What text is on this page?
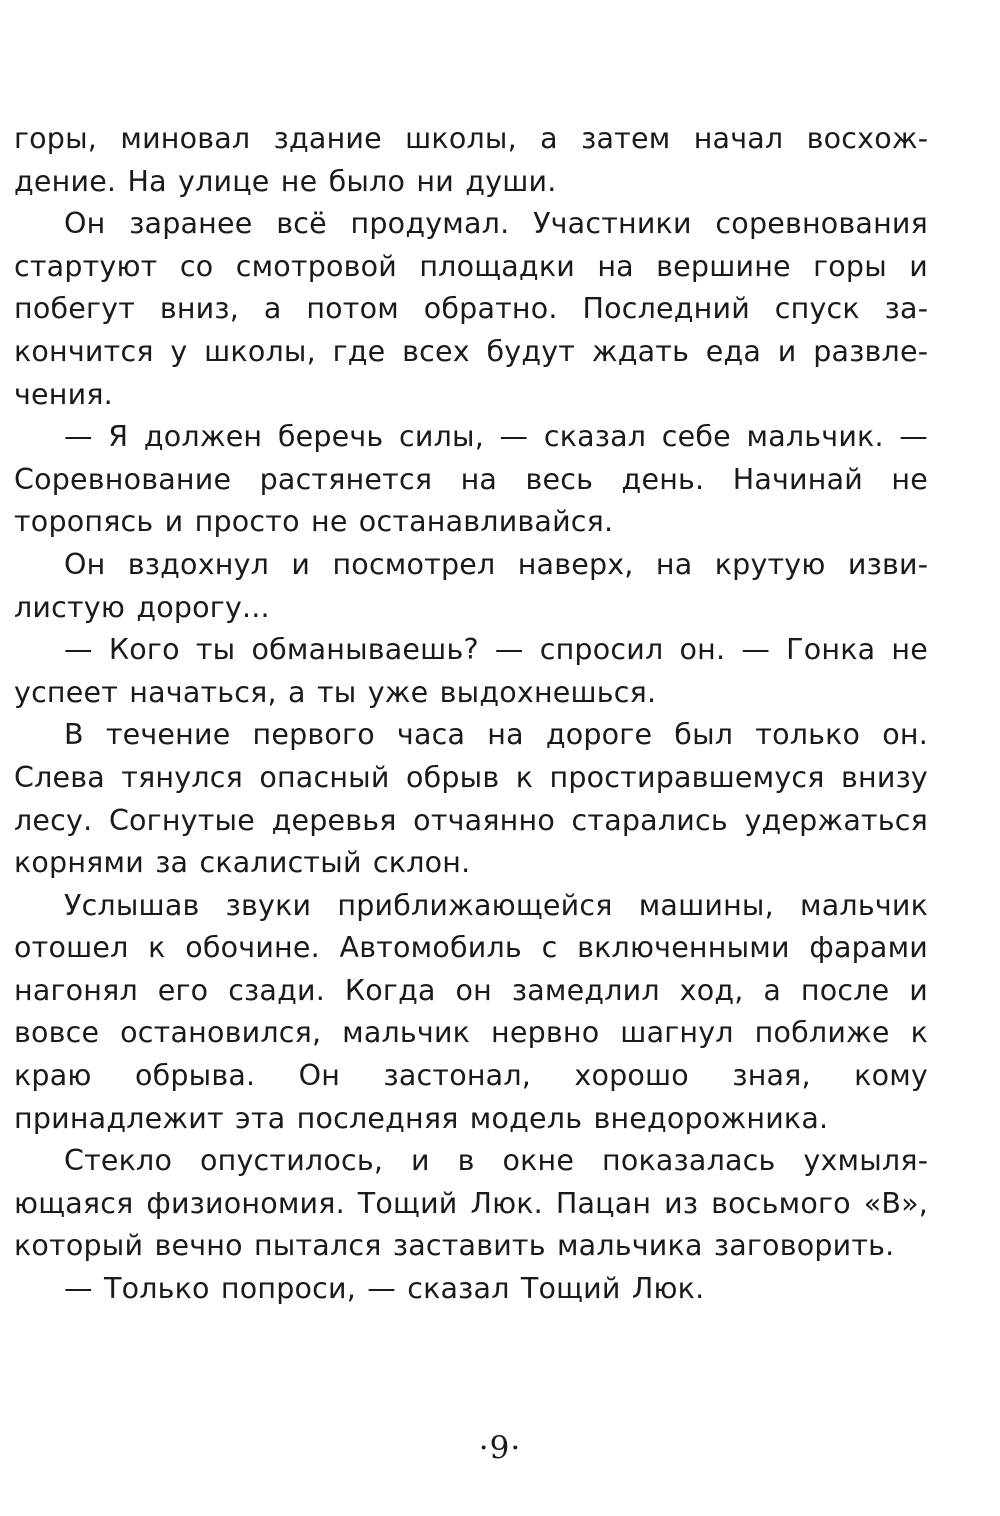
горы, миновал здание школы, а затем начал восхождение. На улице не было ни души.

Он заранее всё продумал. Участники соревнования стартуют со смотровой площадки на вершине горы и побегут вниз, а потом обратно. Последний спуск закончится у школы, где всех будут ждать еда и развлечения.

— Я должен беречь силы, — сказал себе мальчик. — Соревнование растянется на весь день. Начинай не торопясь и просто не останавливайся.

Он вздохнул и посмотрел наверх, на крутую извилистую дорогу...

— Кого ты обманываешь? — спросил он. — Гонка не успеет начаться, а ты уже выдохнешься.

В течение первого часа на дороге был только он. Слева тянулся опасный обрыв к простиравшемуся внизу лесу. Согнутые деревья отчаянно старались удержаться корнями за скалистый склон.

Услышав звуки приближающейся машины, мальчик отошел к обочине. Автомобиль с включенными фарами нагонял его сзади. Когда он замедлил ход, а после и вовсе остановился, мальчик нервно шагнул поближе к краю обрыва. Он застонал, хорошо зная, кому принадлежит эта последняя модель внедорожника.

Стекло опустилось, и в окне показалась ухмыляющаяся физиономия. Тощий Люк. Пацан из восьмого «В», который вечно пытался заставить мальчика заговорить.

— Только попроси, — сказал Тощий Люк.

·9·
